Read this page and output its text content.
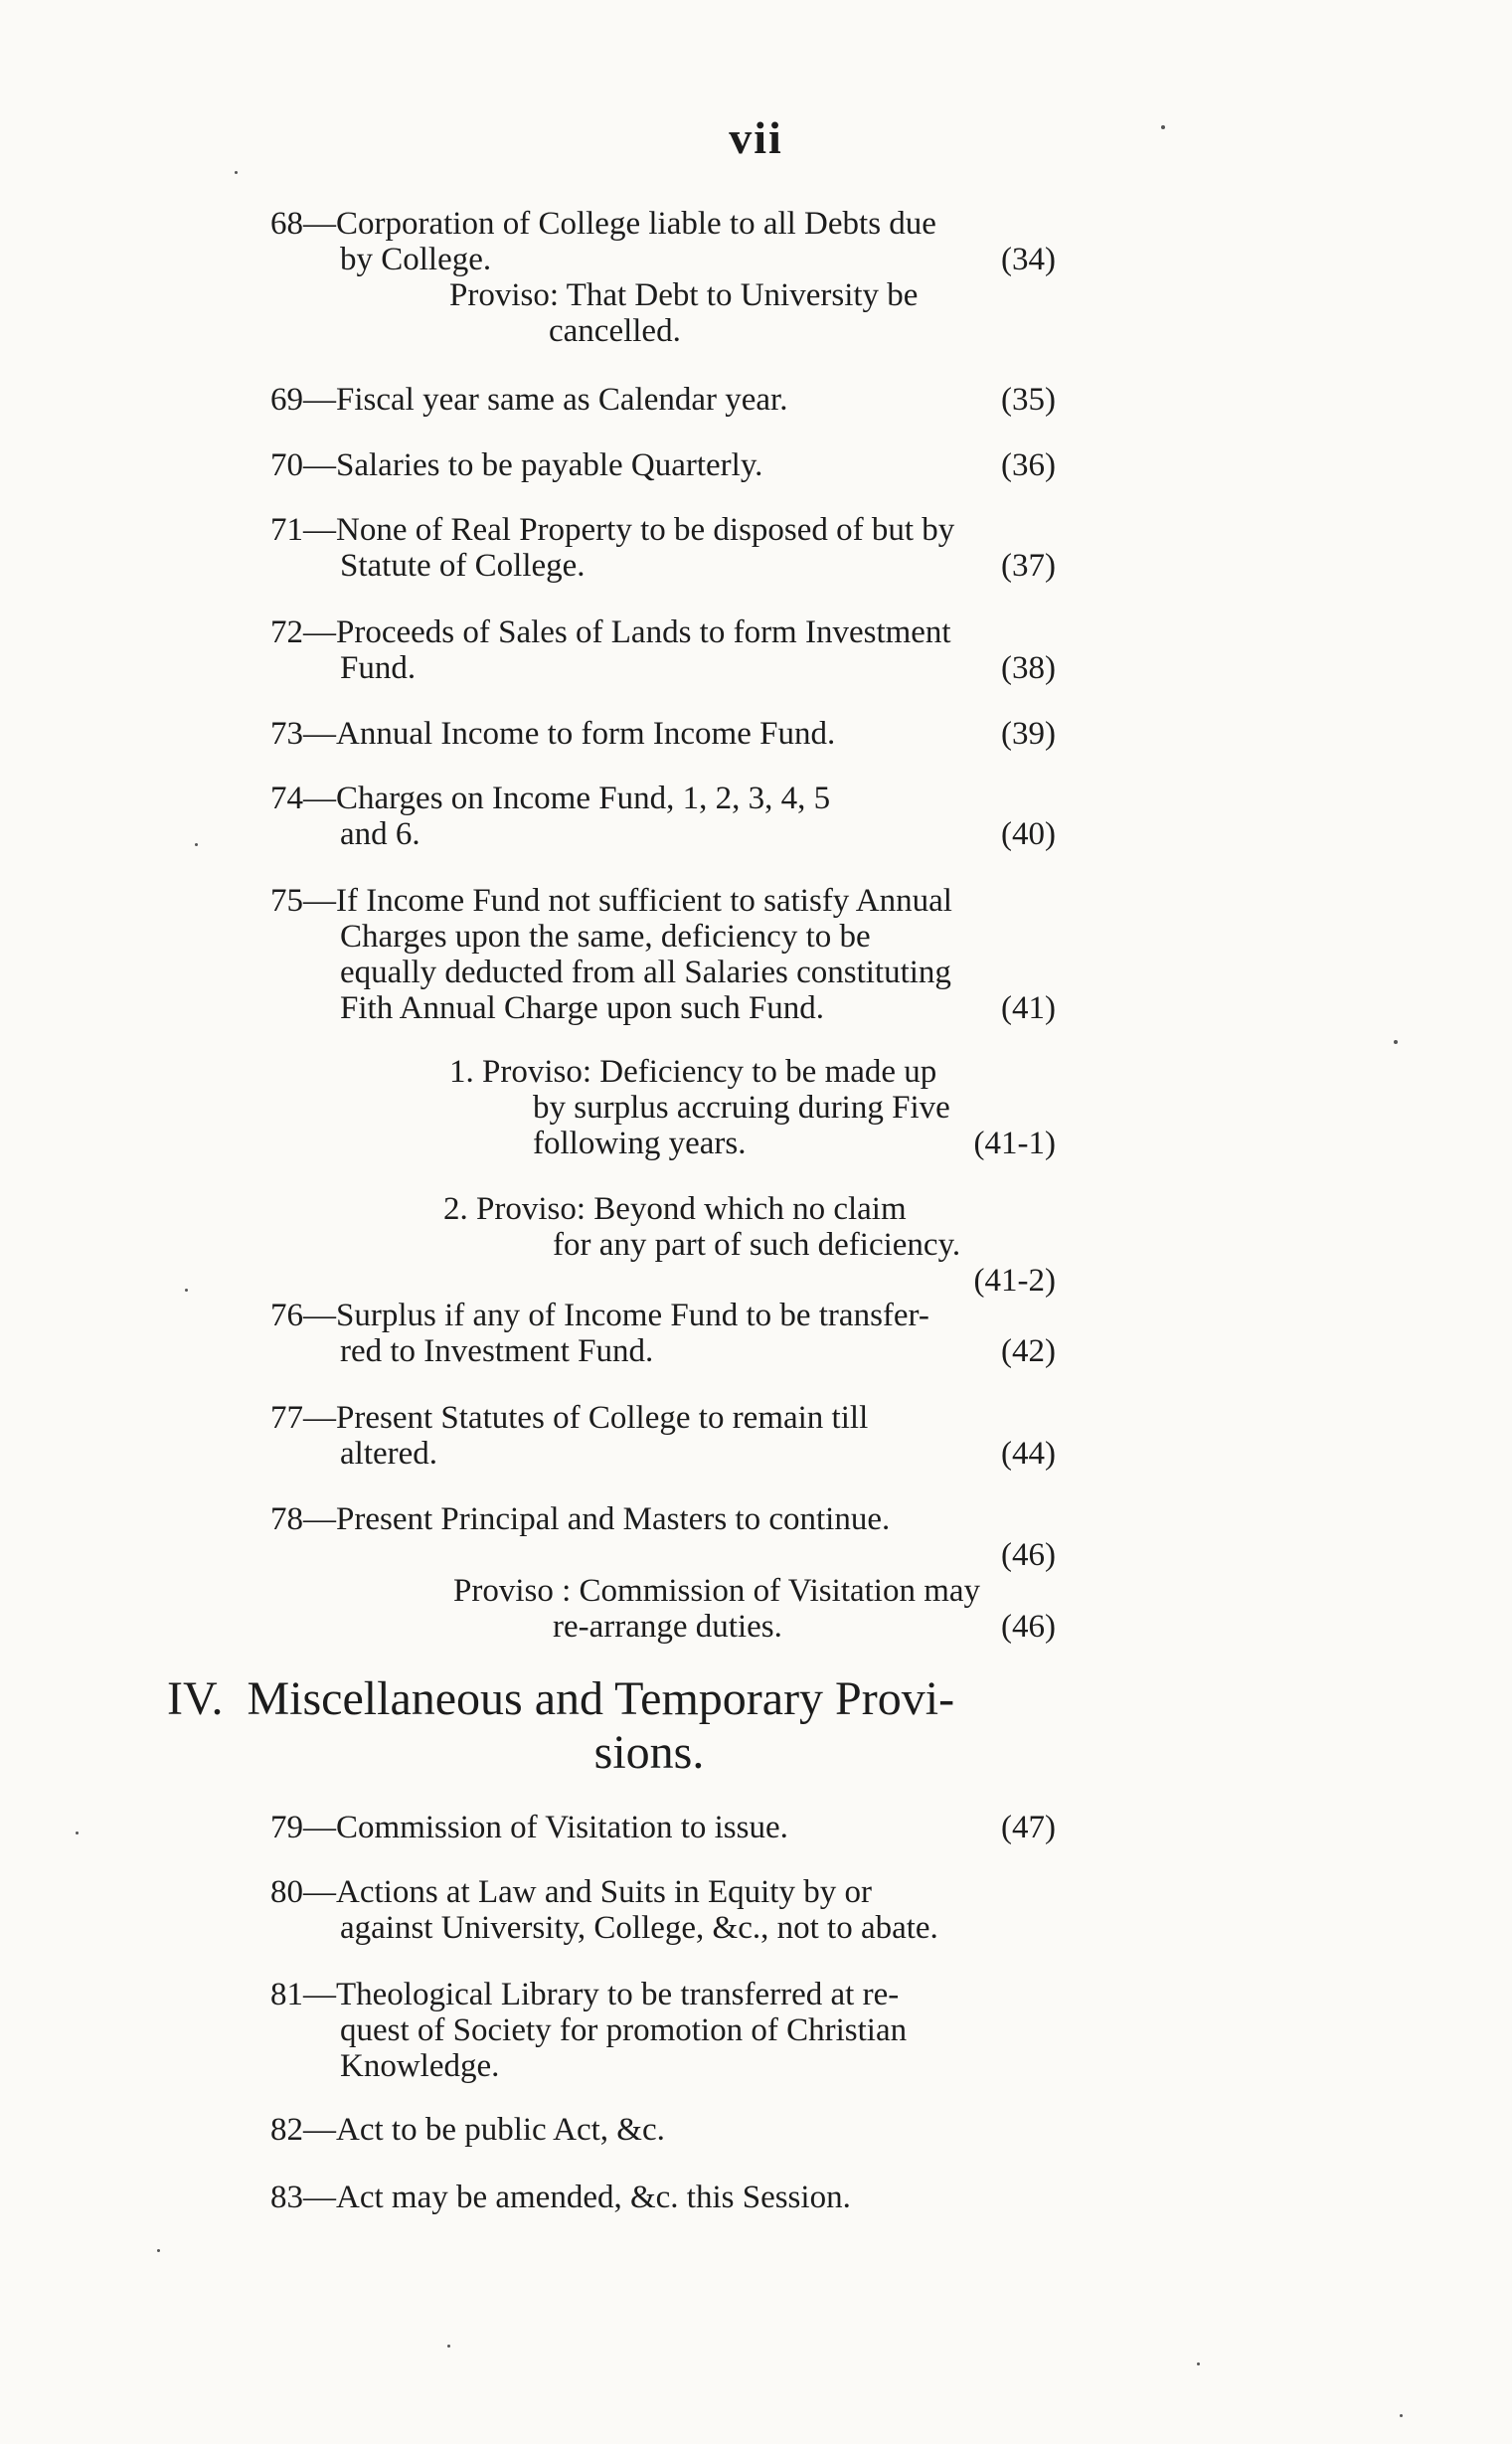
vii
68—Corporation of College liable to all Debts due
by College.	(34)
Proviso: That Debt to University be
cancelled.
69—Fiscal year same as Calendar year.	(35)
70—Salaries to be payable Quarterly.	(36)
71—None of Real Property to be disposed of but by
Statute of College.	(37)
72—Proceeds of Sales of Lands to form Investment
Fund.	(38)
73—Annual Income to form Income Fund.	(39)
74—Charges on Income Fund, 1, 2, 3, 4, 5
and 6.	(40)
75—If Income Fund not sufficient to satisfy Annual
Charges upon the same, deficiency to be
equally deducted from all Salaries constituting
Fith Annual Charge upon such Fund.	(41)
1. Proviso: Deficiency to be made up
by surplus accruing during Five
following years.	(41-1)
2. Proviso: Beyond which no claim
for any part of such deficiency.
(41-2)
76—Surplus if any of Income Fund to be transfer-
red to Investment Fund.	(42)
77—Present Statutes of College to remain till
altered.	(44)
78—Present Principal and Masters to continue.
(46)
Proviso : Commission of Visitation may
re-arrange duties.	(46)
IV. Miscellaneous and Temporary Provi-
sions.
79—Commission of Visitation to issue.	(47)
80—Actions at Law and Suits in Equity by or
against University, College, &c., not to abate.
81—Theological Library to be transferred at re-
quest of Society for promotion of Christian
Knowledge.
82—Act to be public Act, &c.
83—Act may be amended, &c. this Session.
